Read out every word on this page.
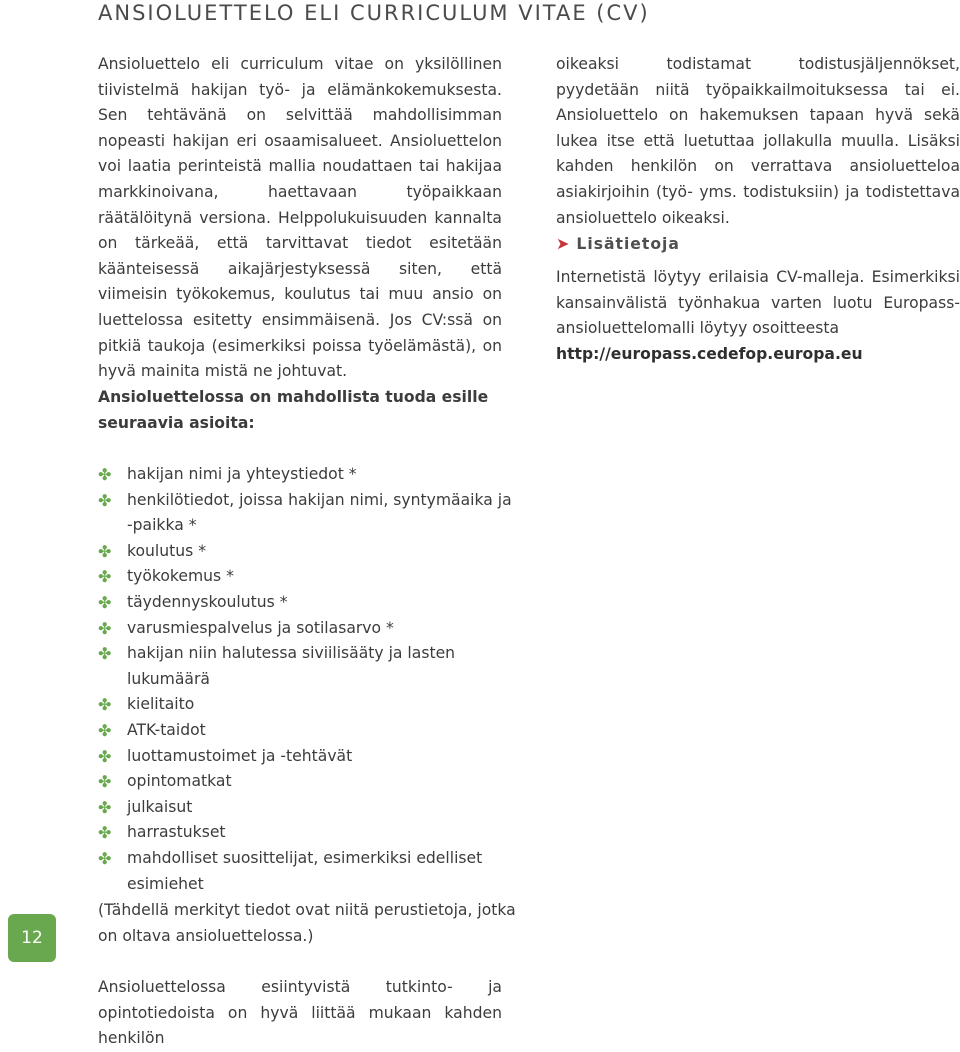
ANSIOLUETTELO ELI CURRICULUM VITAE (CV)

Ansioluettelo eli curriculum vitae on yksilöllinen tiivistelmä hakijan työ- ja elämänkokemuksesta. Sen tehtävänä on selvittää mahdollisimman nopeasti hakijan eri osaamisalueet. Ansioluettelon voi laatia perinteistä mallia noudattaen tai hakijaa markkinoivana, haettavaan työpaikkaan räätälöitynä versiona. Helppolukuisuuden kannalta on tärkeää, että tarvittavat tiedot esitetään käänteisessä aikajärjestyksessä siten, että viimeisin työkokemus, koulutus tai muu ansio on luettelossa esitetty ensimmäisenä. Jos CV:ssä on pitkiä taukoja (esimerkiksi poissa työelämästä), on hyvä mainita mistä ne johtuvat.

Ansioluettelossa on mahdollista tuoda esille seuraavia asioita:

✤ hakijan nimi ja yhteystiedot *
✤ henkilötiedot, joissa hakijan nimi, syntymäaika ja -paikka *
✤ koulutus *
✤ työkokemus *
✤ täydennyskoulutus *
✤ varusmiespalvelus ja sotilasarvo *
✤ hakijan niin halutessa siviilisääty ja lasten lukumäärä
✤ kielitaito
✤ ATK-taidot
✤ luottamustoimet ja -tehtävät
✤ opintomatkat
✤ julkaisut
✤ harrastukset
✤ mahdolliset suosittelijat, esimerkiksi edelliset esimiehet

(Tähdellä merkityt tiedot ovat niitä perustietoja, jotka on oltava ansioluettelossa.)

Ansioluettelossa esiintyvistä tutkinto- ja opintotiedoista on hyvä liittää mukaan kahden henkilön

oikeaksi todistamat todistusjäljennökset, pyydetään niitä työpaikkailmoituksessa tai ei. Ansioluettelo on hakemuksen tapaan hyvä sekä lukea itse että luetuttaa jollakulla muulla. Lisäksi kahden henkilön on verrattava ansioluetteloa asiakirjoihin (työ- yms. todistuksiin) ja todistettava ansioluettelo oikeaksi.

➤ Lisätietoja

Internetistä löytyy erilaisia CV-malleja. Esimerkiksi kansainvälistä työnhakua varten luotu Europass-ansioluettelomalli löytyy osoitteesta

http://europass.cedefop.europa.eu

12
